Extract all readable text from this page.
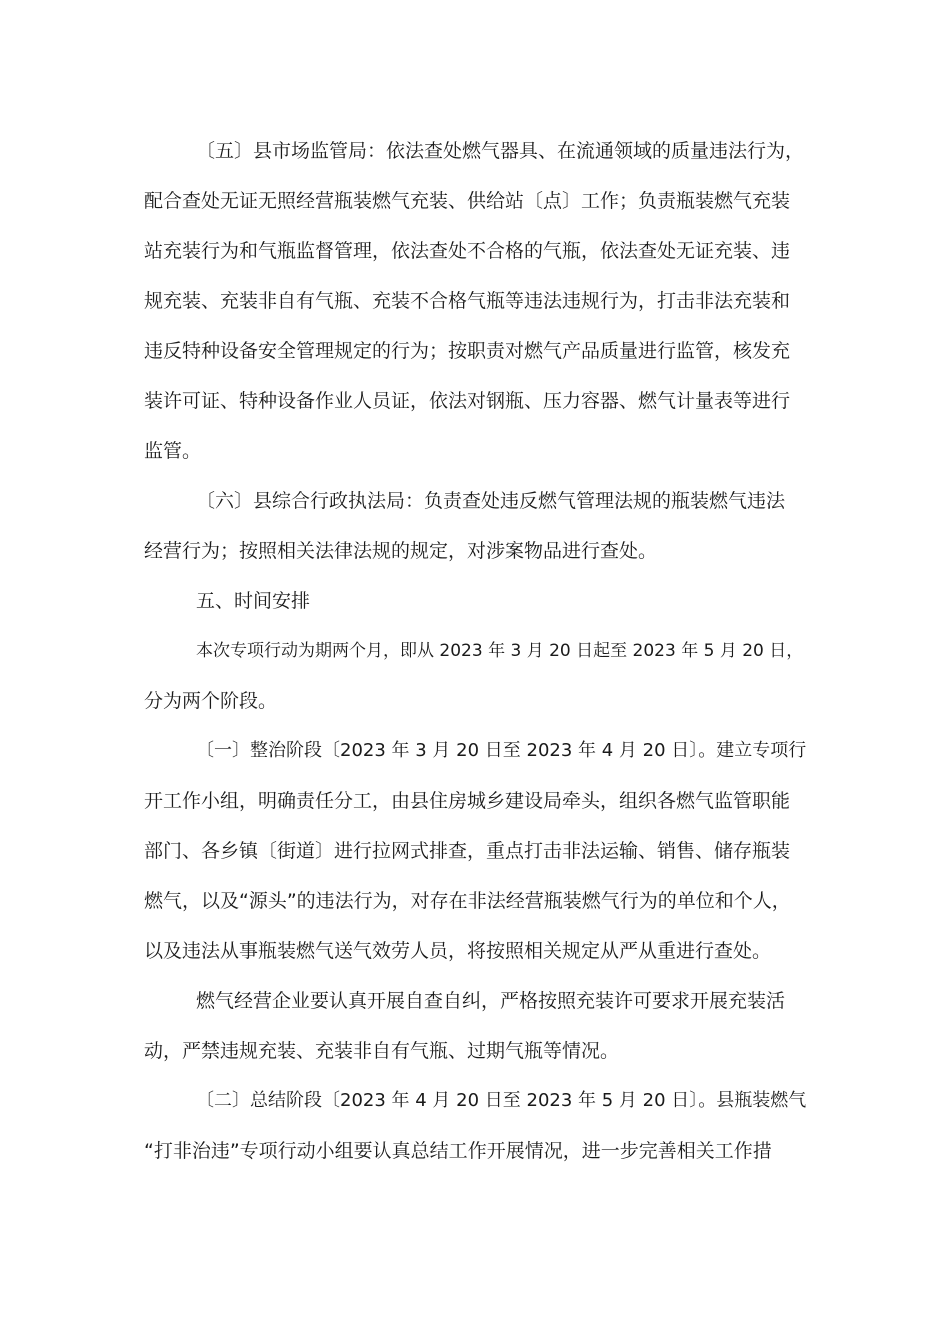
〔五〕县市场监管局：依法查处燃气器具、在流通领域的质量违法行为，
配合查处无证无照经营瓶装燃气充装、供给站〔点〕工作；负责瓶装燃气充装
站充装行为和气瓶监督管理，依法查处不合格的气瓶，依法查处无证充装、违
规充装、充装非自有气瓶、充装不合格气瓶等违法违规行为，打击非法充装和
违反特种设备安全管理规定的行为；按职责对燃气产品质量进行监管，核发充
装许可证、特种设备作业人员证，依法对钢瓶、压力容器、燃气计量表等进行
监管。
〔六〕县综合行政执法局：负责查处违反燃气管理法规的瓶装燃气违法
经营行为；按照相关法律法规的规定，对涉案物品进行查处。
五、时间安排
本次专项行动为期两个月，即从 2023 年 3 月 20 日起至 2023 年 5 月 20 日，
分为两个阶段。
〔一〕整治阶段〔2023 年 3 月 20 日至 2023 年 4 月 20 日〕。建立专项行
开工作小组，明确责任分工，由县住房城乡建设局牵头，组织各燃气监管职能
部门、各乡镇〔街道〕进行拉网式排查，重点打击非法运输、销售、储存瓶装
燃气，以及“源头”的违法行为，对存在非法经营瓶装燃气行为的单位和个人，
以及违法从事瓶装燃气送气效劳人员，将按照相关规定从严从重进行查处。
燃气经营企业要认真开展自查自纠，严格按照充装许可要求开展充装活
动，严禁违规充装、充装非自有气瓶、过期气瓶等情况。
〔二〕总结阶段〔2023 年 4 月 20 日至 2023 年 5 月 20 日〕。县瓶装燃气
“打非治违”专项行动小组要认真总结工作开展情况，进一步完善相关工作措
